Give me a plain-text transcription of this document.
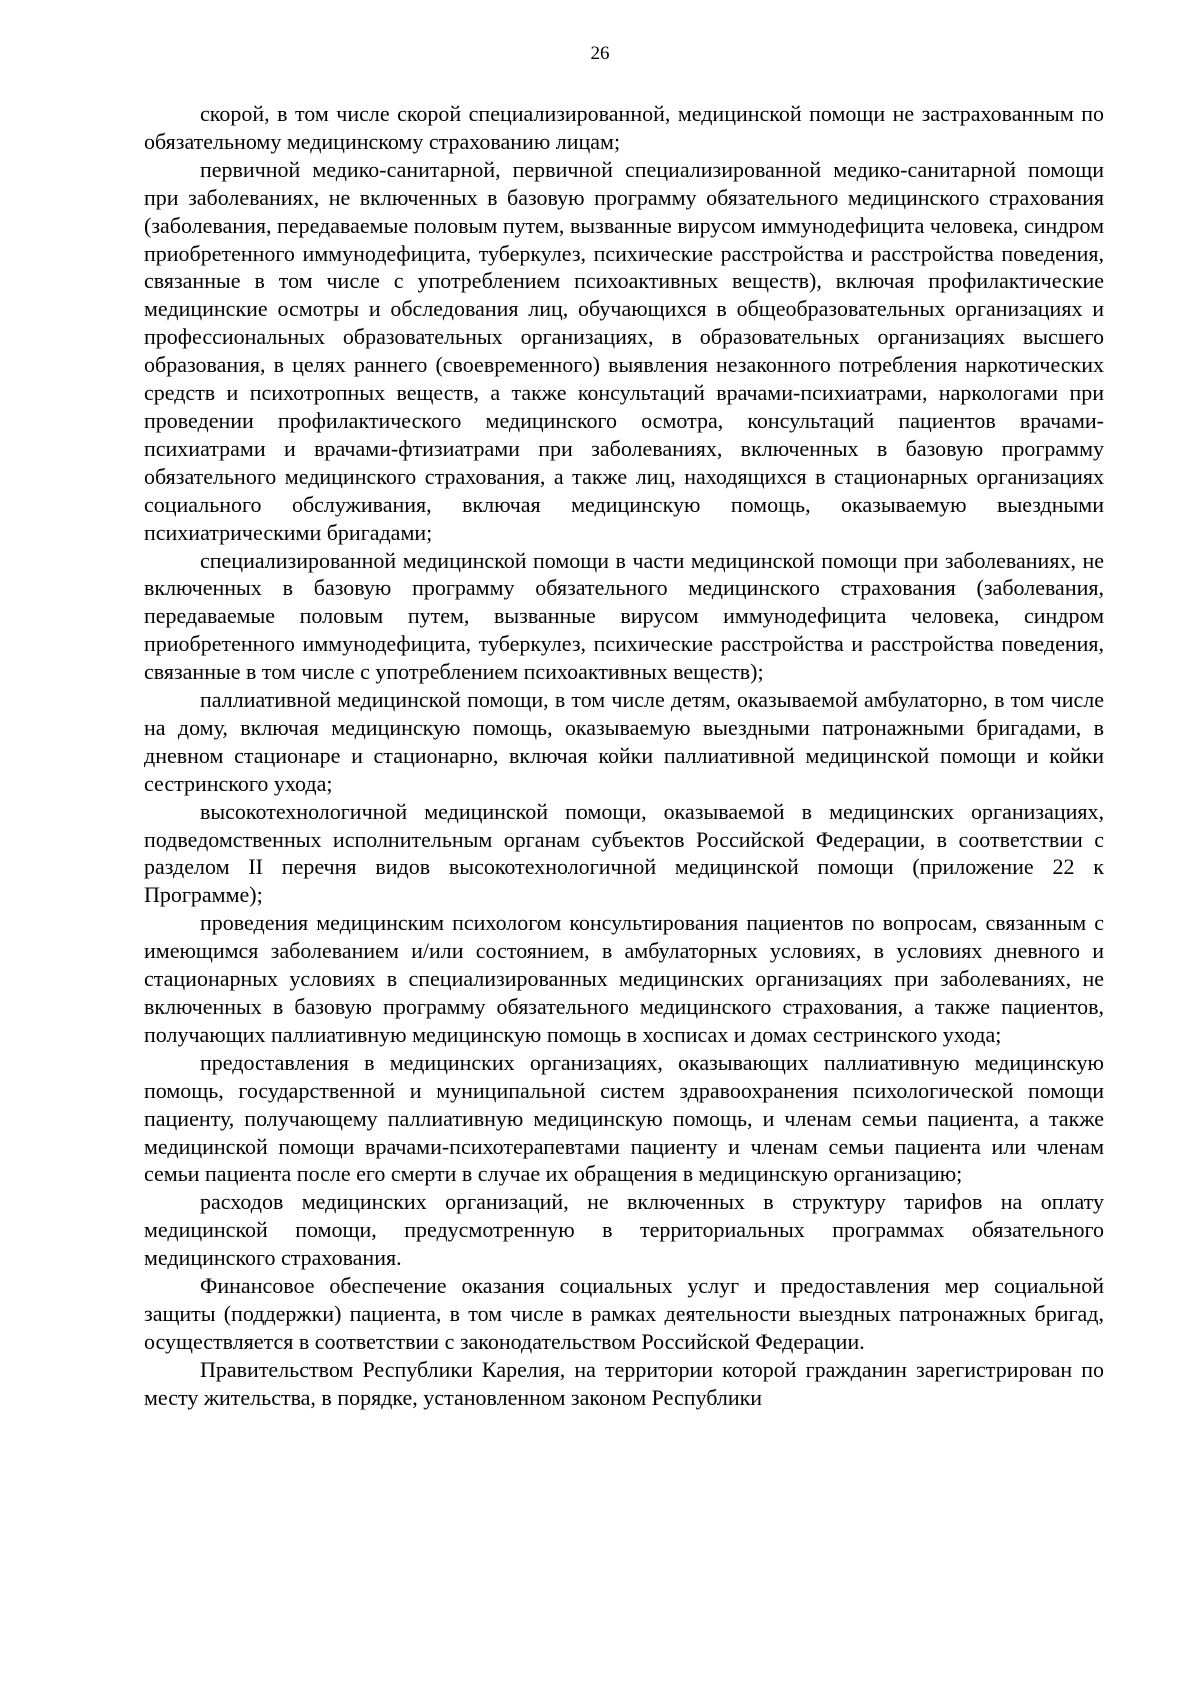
26

скорой, в том числе скорой специализированной, медицинской помощи не застрахованным по обязательному медицинскому страхованию лицам;

первичной медико-санитарной, первичной специализированной медико-санитарной помощи при заболеваниях, не включенных в базовую программу обязательного медицинского страхования (заболевания, передаваемые половым путем, вызванные вирусом иммунодефицита человека, синдром приобретенного иммунодефицита, туберкулез, психические расстройства и расстройства поведения, связанные в том числе с употреблением психоактивных веществ), включая профилактические медицинские осмотры и обследования лиц, обучающихся в общеобразовательных организациях и профессиональных образовательных организациях, в образовательных организациях высшего образования, в целях раннего (своевременного) выявления незаконного потребления наркотических средств и психотропных веществ, а также консультаций врачами-психиатрами, наркологами при проведении профилактического медицинского осмотра, консультаций пациентов врачами-психиатрами и врачами-фтизиатрами при заболеваниях, включенных в базовую программу обязательного медицинского страхования, а также лиц, находящихся в стационарных организациях социального обслуживания, включая медицинскую помощь, оказываемую выездными психиатрическими бригадами;

специализированной медицинской помощи в части медицинской помощи при заболеваниях, не включенных в базовую программу обязательного медицинского страхования (заболевания, передаваемые половым путем, вызванные вирусом иммунодефицита человека, синдром приобретенного иммунодефицита, туберкулез, психические расстройства и расстройства поведения, связанные в том числе с употреблением психоактивных веществ);

паллиативной медицинской помощи, в том числе детям, оказываемой амбулаторно, в том числе на дому, включая медицинскую помощь, оказываемую выездными патронажными бригадами, в дневном стационаре и стационарно, включая койки паллиативной медицинской помощи и койки сестринского ухода;

высокотехнологичной медицинской помощи, оказываемой в медицинских организациях, подведомственных исполнительным органам субъектов Российской Федерации, в соответствии с разделом II перечня видов высокотехнологичной медицинской помощи (приложение 22 к Программе);

проведения медицинским психологом консультирования пациентов по вопросам, связанным с имеющимся заболеванием и/или состоянием, в амбулаторных условиях, в условиях дневного и стационарных условиях в специализированных медицинских организациях при заболеваниях, не включенных в базовую программу обязательного медицинского страхования, а также пациентов, получающих паллиативную медицинскую помощь в хосписах и домах сестринского ухода;

предоставления в медицинских организациях, оказывающих паллиативную медицинскую помощь, государственной и муниципальной систем здравоохранения психологической помощи пациенту, получающему паллиативную медицинскую помощь, и членам семьи пациента, а также медицинской помощи врачами-психотерапевтами пациенту и членам семьи пациента или членам семьи пациента после его смерти в случае их обращения в медицинскую организацию;

расходов медицинских организаций, не включенных в структуру тарифов на оплату медицинской помощи, предусмотренную в территориальных программах обязательного медицинского страхования.

Финансовое обеспечение оказания социальных услуг и предоставления мер социальной защиты (поддержки) пациента, в том числе в рамках деятельности выездных патронажных бригад, осуществляется в соответствии с законодательством Российской Федерации.

Правительством Республики Карелия, на территории которой гражданин зарегистрирован по месту жительства, в порядке, установленном законом Республики
